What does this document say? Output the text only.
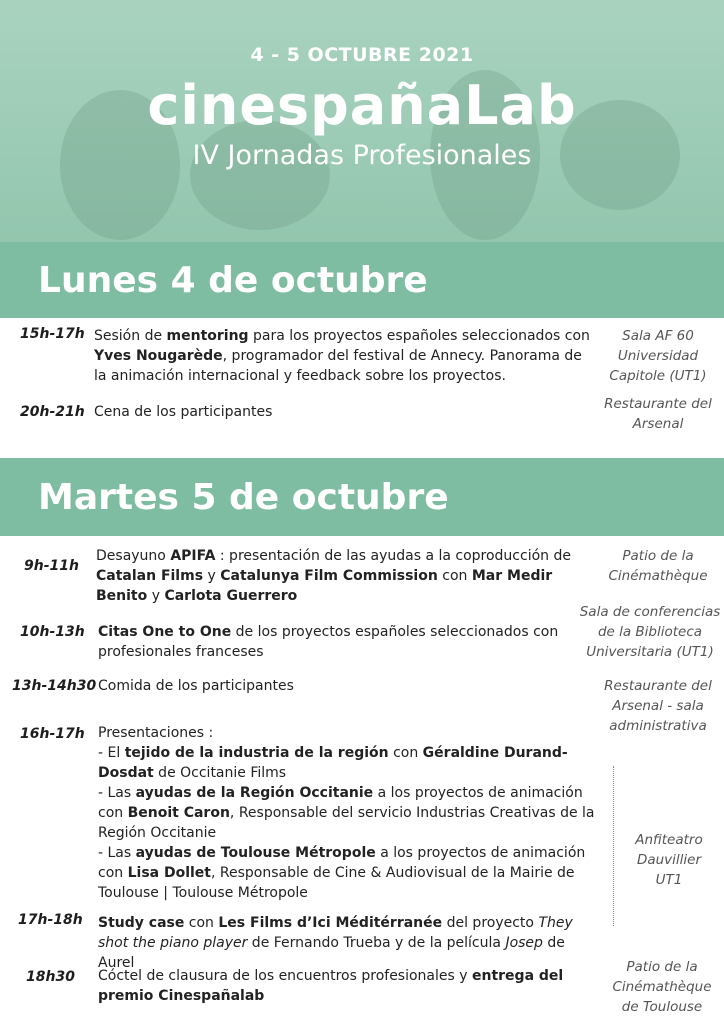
4 - 5 OCTUBRE 2021
cinespañaLab
IV Jornadas Profesionales
Lunes 4 de octubre
15h-17h Sesión de mentoring para los proyectos españoles seleccionados con Yves Nougarède, programador del festival de Annecy. Panorama de la animación internacional y feedback sobre los proyectos.
Sala AF 60
Universidad
Capitole (UT1)
20h-21h Cena de los participantes	Restaurante del
Arsenal
Martes 5 de octubre
9h-11h
Desayuno APIFA : presentación de las ayudas a la coproducción de Catalan Films y Catalunya Film Commission con Mar Medir Benito y Carlota Guerrero
Patio de la
Cinémathèque
10h-13h Citas One to One de los proyectos españoles seleccionados con profesionales franceses
Sala de conferencias
de la Biblioteca
Universitaria (UT1)
13h-14h30 Comida de los participantes	Restaurante del
Arsenal - sala
administrativa
16h-17h Presentaciones :
- El tejido de la industria de la región con Géraldine Durand-Dosdat de Occitanie Films
- Las ayudas de la Región Occitanie a los proyectos de animación con Benoit Caron, Responsable del servicio Industrias Creativas de la Región Occitanie
- Las ayudas de Toulouse Métropole a los proyectos de animación con Lisa Dollet, Responsable de Cine & Audiovisual de la Mairie de Toulouse | Toulouse Métropole
Anfiteatro
Dauvillier
UT1
17h-18h Study case con Les Films d’Ici Méditérranée del proyecto They shot the piano player de Fernando Trueba y de la película Josep de Aurel
18h30 Cóctel de clausura de los encuentros profesionales y entrega del premio Cinespañalab
Patio de la
Cinémathèque
de Toulouse
